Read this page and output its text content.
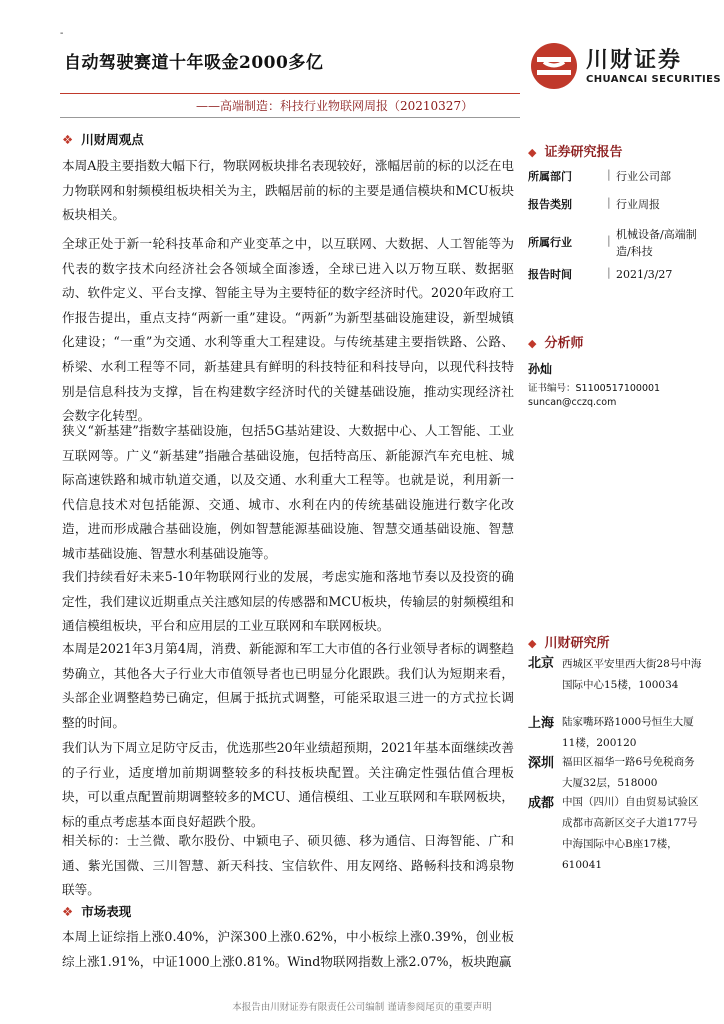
-
自动驾驶赛道十年吸金2000多亿	川财证券
CHUANCAI SECURITIES
——高端制造：科技行业物联网周报（20210327）
❖ 川财周观点
本周A股主要指数大幅下行，物联网板块排名表现较好，涨幅居前的标的以泛在电力物联网和射频模组板块相关为主，跌幅居前的标的主要是通信模块和MCU板块板块相关。
全球正处于新一轮科技革命和产业变革之中，以互联网、大数据、人工智能等为代表的数字技术向经济社会各领域全面渗透，全球已进入以万物互联、数据驱动、软件定义、平台支撑、智能主导为主要特征的数字经济时代。2020年政府工作报告提出，重点支持“两新一重”建设。“两新”为新型基础设施建设，新型城镇化建设；“一重”为交通、水利等重大工程建设。与传统基建主要指铁路、公路、桥梁、水利工程等不同，新基建具有鲜明的科技特征和科技导向，以现代科技特别是信息科技为支撑，旨在构建数字经济时代的关键基础设施，推动实现经济社会数字化转型。
狭义“新基建”指数字基础设施，包括5G基站建设、大数据中心、人工智能、工业互联网等。广义“新基建”指融合基础设施，包括特高压、新能源汽车充电桩、城际高速铁路和城市轨道交通，以及交通、水利重大工程等。也就是说，利用新一代信息技术对包括能源、交通、城市、水利在内的传统基础设施进行数字化改造，进而形成融合基础设施，例如智慧能源基础设施、智慧交通基础设施、智慧城市基础设施、智慧水利基础设施等。
我们持续看好未来5-10年物联网行业的发展，考虑实施和落地节奏以及投资的确定性，我们建议近期重点关注感知层的传感器和MCU板块，传输层的射频模组和通信模组板块，平台和应用层的工业互联网和车联网板块。
本周是2021年3月第4周，消费、新能源和军工大市值的各行业领导者标的调整趋势确立，其他各大子行业大市值领导者也已明显分化跟跌。我们认为短期来看，头部企业调整趋势已确定，但属于抵抗式调整，可能采取退三进一的方式拉长调整的时间。
我们认为下周立足防守反击，优选那些20年业绩超预期，2021年基本面继续改善的子行业，适度增加前期调整较多的科技板块配置。关注确定性强估值合理板块，可以重点配置前期调整较多的MCU、通信模组、工业互联网和车联网板块，标的重点考虑基本面良好超跌个股。
相关标的：士兰微、歌尔股份、中颖电子、硕贝德、移为通信、日海智能、广和通、紫光国微、三川智慧、新天科技、宝信软件、用友网络、路畅科技和鸿泉物联等。
❖ 市场表现
本周上证综指上涨0.40%，沪深300上涨0.62%，中小板综上涨0.39%，创业板综上涨1.91%，中证1000上涨0.81%。Wind物联网指数上涨2.07%，板块跑赢
◆ 证券研究报告
所属部门	| 行业公司部
报告类别	| 行业周报
所属行业	| 机械设备/高端制造/科技
报告时间	| 2021/3/27
◆ 分析师
孙灿
证书编号：S1100517100001
suncan@cczq.com
◆ 川财研究所
北京 西城区平安里西大街28号中海国际中心15楼，100034
上海 陆家嘴环路1000号恒生大厦11楼，200120
深圳 福田区福华一路6号免税商务大厦32层，518000
成都 中国（四川）自由贸易试验区成都市高新区交子大道177号中海国际中心B座17楼，610041
本报告由川财证券有限责任公司编制 谨请参阅尾页的重要声明
